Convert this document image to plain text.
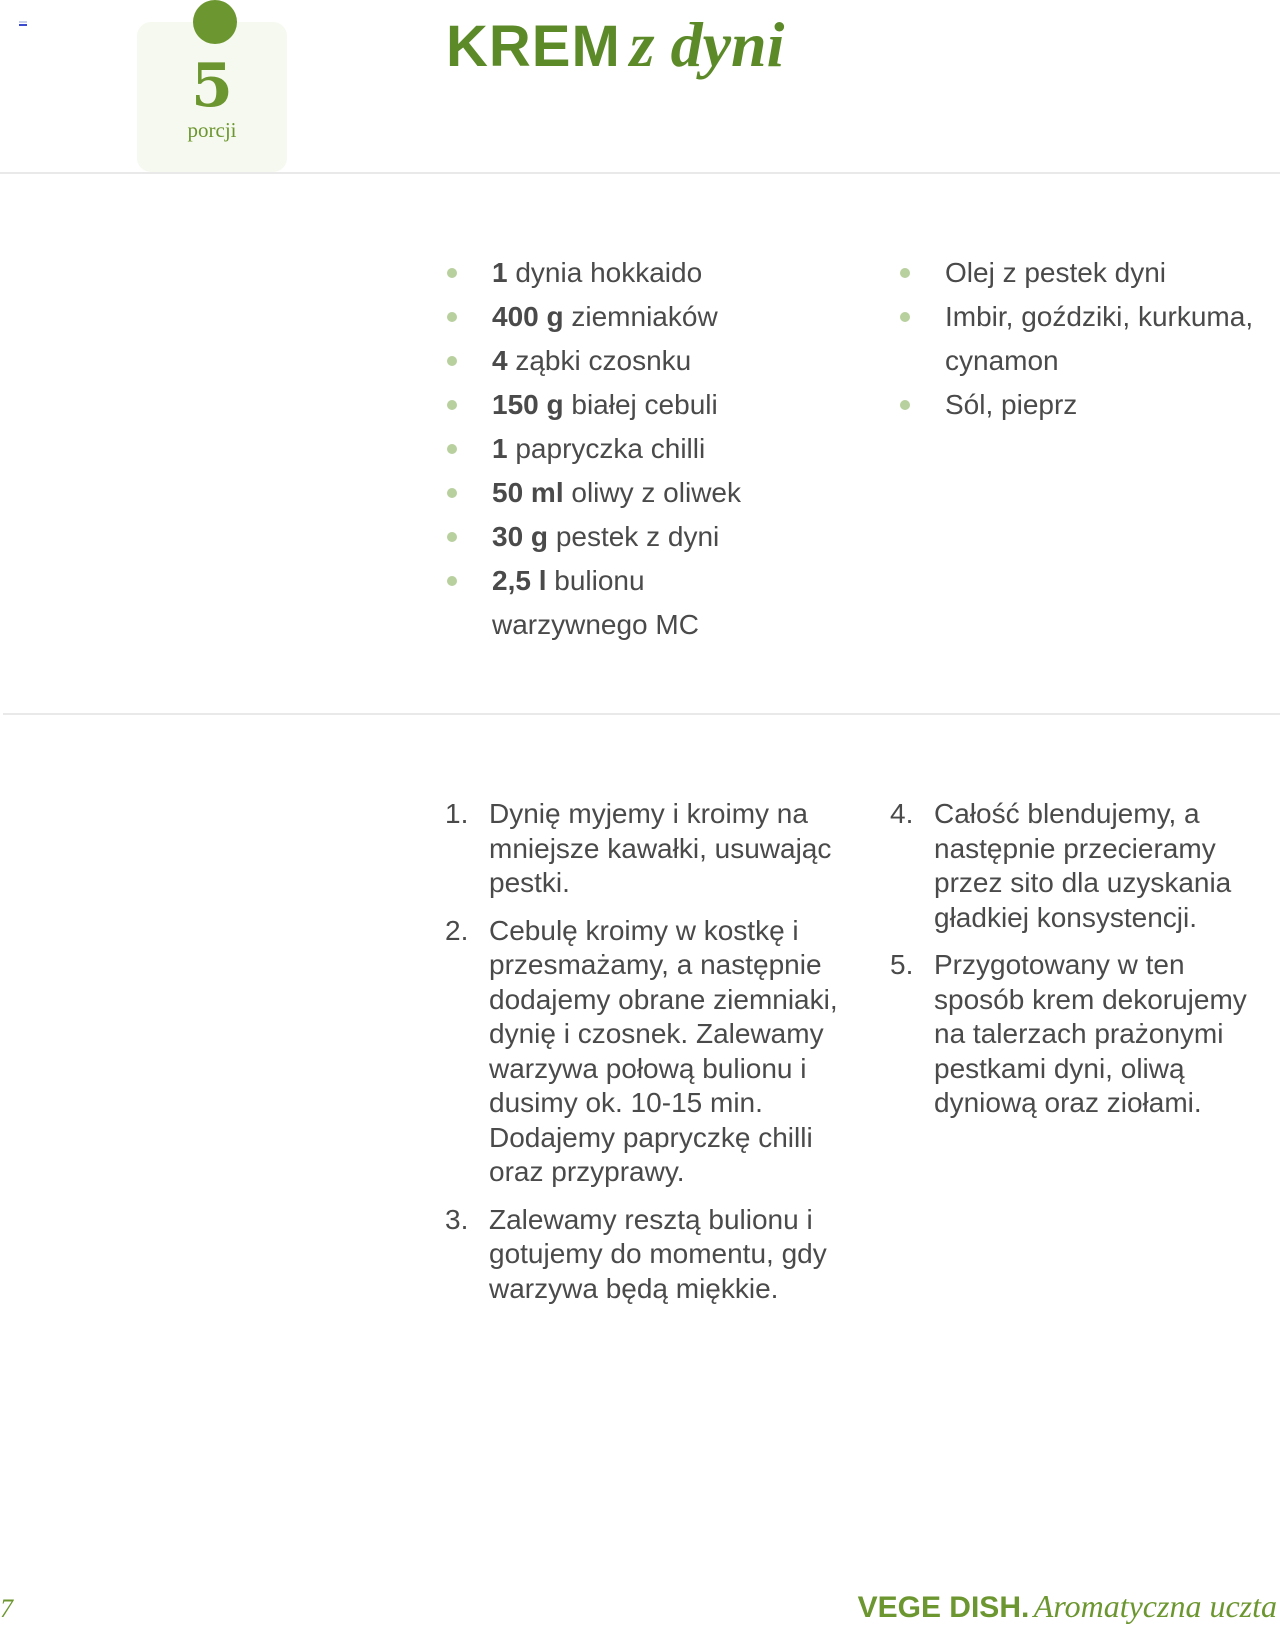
5
porcji
KREM z dyni
1 dynia hokkaido
400 g ziemniaków
4 ząbki czosnku
150 g białej cebuli
1 papryczka chilli
50 ml oliwy z oliwek
30 g pestek z dyni
2,5 l bulionu warzywnego MC
Olej z pestek dyni
Imbir, goździki, kurkuma, cynamon
Sól, pieprz
1. Dynię myjemy i kroimy na mniejsze kawałki, usuwając pestki.
2. Cebulę kroimy w kostkę i przesmażamy, a następnie dodajemy obrane ziemniaki, dynię i czosnek. Zalewamy warzywa połową bulionu i dusimy ok. 10-15 min. Dodajemy papryczkę chilli oraz przyprawy.
3. Zalewamy resztą bulionu i gotujemy do momentu, gdy warzywa będą miękkie.
4. Całość blendujemy, a następnie przecieramy przez sito dla uzyskania gładkiej konsystencji.
5. Przygotowany w ten sposób krem dekorujemy na talerzach prażonymi pestkami dyni, oliwą dyniową oraz ziołami.
7	VEGE DISH. Aromatyczna uczta
